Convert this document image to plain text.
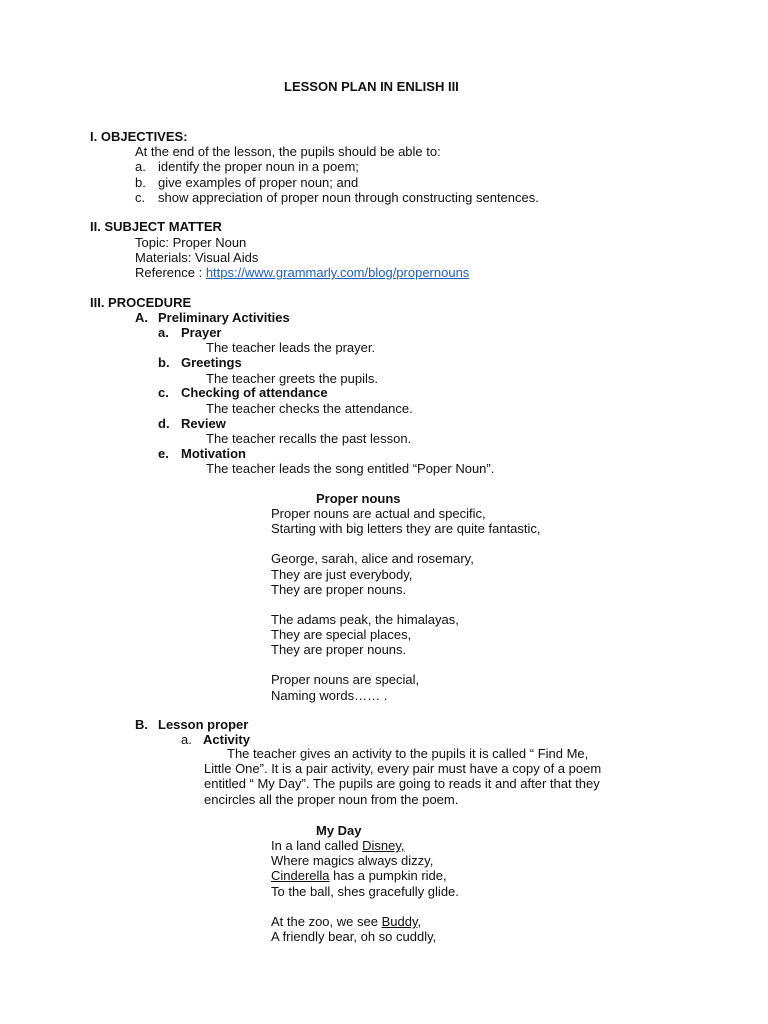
LESSON PLAN IN ENLISH III
I. OBJECTIVES:
At the end of the lesson, the pupils should be able to:
a. identify the proper noun in a poem;
b. give examples of proper noun; and
c. show appreciation of proper noun through constructing sentences.
II. SUBJECT MATTER
Topic: Proper Noun
Materials: Visual Aids
Reference : https://www.grammarly.com/blog/propernouns
III. PROCEDURE
A. Preliminary Activities
a. Prayer
The teacher leads the prayer.
b. Greetings
The teacher greets the pupils.
c. Checking of attendance
The teacher checks the attendance.
d. Review
The teacher recalls the past lesson.
e. Motivation
The teacher leads the song entitled “Poper Noun”.
Proper nouns
Proper nouns are actual and specific,
Starting with big letters they are quite fantastic,
George, sarah, alice and rosemary,
They are just everybody,
They are proper nouns.
The adams peak, the himalayas,
They are special places,
They are proper nouns.
Proper nouns are special,
Naming words…… .
B. Lesson proper
a. Activity
The teacher gives an activity to the pupils it is called “ Find Me,
Little One”. It is a pair activity, every pair must have a copy of a poem
entitled “ My Day”. The pupils are going to reads it and after that they
encircles all the proper noun from the poem.
My Day
In a land called Disney,
Where magics always dizzy,
Cinderella has a pumpkin ride,
To the ball, shes gracefully glide.
At the zoo, we see Buddy,
A friendly bear, oh so cuddly,
